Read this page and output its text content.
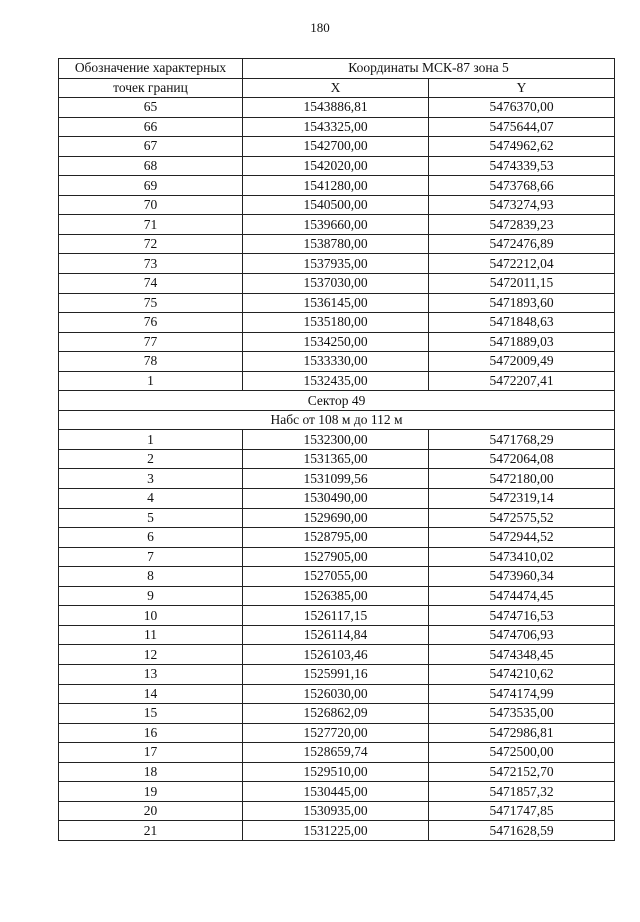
180
Обозначение характерных	Координаты МСК-87 зона 5	
точек границ	X	Y
65	1543886,81	5476370,00
66	1543325,00	5475644,07
67	1542700,00	5474962,62
68	1542020,00	5474339,53
69	1541280,00	5473768,66
70	1540500,00	5473274,93
71	1539660,00	5472839,23
72	1538780,00	5472476,89
73	1537935,00	5472212,04
74	1537030,00	5472011,15
75	1536145,00	5471893,60
76	1535180,00	5471848,63
77	1534250,00	5471889,03
78	1533330,00	5472009,49
1	1532435,00	5472207,41
Сектор 49		
Набс от 108 м до 112 м		
1	1532300,00	5471768,29
2	1531365,00	5472064,08
3	1531099,56	5472180,00
4	1530490,00	5472319,14
5	1529690,00	5472575,52
6	1528795,00	5472944,52
7	1527905,00	5473410,02
8	1527055,00	5473960,34
9	1526385,00	5474474,45
10	1526117,15	5474716,53
11	1526114,84	5474706,93
12	1526103,46	5474348,45
13	1525991,16	5474210,62
14	1526030,00	5474174,99
15	1526862,09	5473535,00
16	1527720,00	5472986,81
17	1528659,74	5472500,00
18	1529510,00	5472152,70
19	1530445,00	5471857,32
20	1530935,00	5471747,85
21	1531225,00	5471628,59
